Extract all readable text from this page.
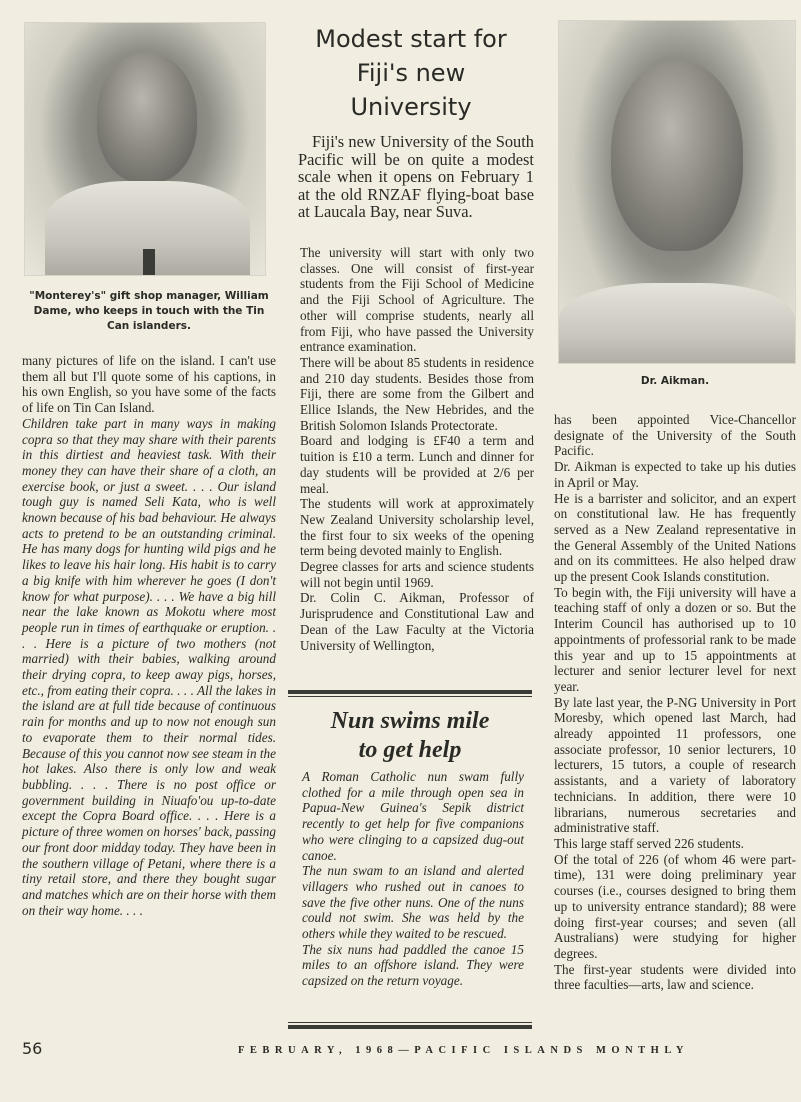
"Monterey's" gift shop manager, William Dame, who keeps in touch with the Tin Can islanders.

many pictures of life on the island. I can't use them all but I'll quote some of his captions, in his own English, so you have some of the facts of life on Tin Can Island.

Children take part in many ways in making copra so that they may share with their parents in this dirtiest and heaviest task. With their money they can have their share of a cloth, an exercise book, or just a sweet. . . . Our island tough guy is named Seli Kata, who is well known because of his bad behaviour. He always acts to pretend to be an outstanding criminal. He has many dogs for hunting wild pigs and he likes to leave his hair long. His habit is to carry a big knife with him wherever he goes (I don't know for what purpose). . . . We have a big hill near the lake known as Mokotu where most people run in times of earthquake or eruption. . . . Here is a picture of two mothers (not married) with their babies, walking around their drying copra, to keep away pigs, horses, etc., from eating their copra. . . . All the lakes in the island are at full tide because of continuous rain for months and up to now not enough sun to evaporate them to their normal tides. Because of this you cannot now see steam in the hot lakes. Also there is only low and weak bubbling. . . . There is no post office or government building in Niuafo'ou up-to-date except the Copra Board office. . . . Here is a picture of three women on horses' back, passing our front door midday today. They have been in the southern village of Petani, where there is a tiny retail store, and there they bought sugar and matches which are on their horse with them on their way home. . . .

Modest start for
Fiji's new
University

Fiji's new University of the South Pacific will be on quite a modest scale when it opens on February 1 at the old RNZAF flying-boat base at Laucala Bay, near Suva.

The university will start with only two classes. One will consist of first-year students from the Fiji School of Medicine and the Fiji School of Agriculture. The other will comprise students, nearly all from Fiji, who have passed the University entrance examination.

There will be about 85 students in residence and 210 day students. Besides those from Fiji, there are some from the Gilbert and Ellice Islands, the New Hebrides, and the British Solomon Islands Protectorate.

Board and lodging is £F40 a term and tuition is £10 a term. Lunch and dinner for day students will be provided at 2/6 per meal.

The students will work at approximately New Zealand University scholarship level, the first four to six weeks of the opening term being devoted mainly to English.

Degree classes for arts and science students will not begin until 1969.

Dr. Colin C. Aikman, Professor of Jurisprudence and Constitutional Law and Dean of the Law Faculty at the Victoria University of Wellington,

Nun swims mile
to get help

A Roman Catholic nun swam fully clothed for a mile through open sea in Papua-New Guinea's Sepik district recently to get help for five companions who were clinging to a capsized dug-out canoe.

The nun swam to an island and alerted villagers who rushed out in canoes to save the five other nuns. One of the nuns could not swim. She was held by the others while they waited to be rescued.

The six nuns had paddled the canoe 15 miles to an offshore island. They were capsized on the return voyage.

Dr. Aikman.

has been appointed Vice-Chancellor designate of the University of the South Pacific.

Dr. Aikman is expected to take up his duties in April or May.

He is a barrister and solicitor, and an expert on constitutional law. He has frequently served as a New Zealand representative in the General Assembly of the United Nations and on its committees. He also helped draw up the present Cook Islands constitution.

To begin with, the Fiji university will have a teaching staff of only a dozen or so. But the Interim Council has authorised up to 10 appointments of professorial rank to be made this year and up to 15 appointments at lecturer and senior lecturer level for next year.

By late last year, the P-NG University in Port Moresby, which opened last March, had already appointed 11 professors, one associate professor, 10 senior lecturers, 10 lecturers, 15 tutors, a couple of research assistants, and a variety of laboratory technicians. In addition, there were 10 librarians, numerous secretaries and administrative staff.

This large staff served 226 students.

Of the total of 226 (of whom 46 were part-time), 131 were doing preliminary year courses (i.e., courses designed to bring them up to university entrance standard); 88 were doing first-year courses; and seven (all Australians) were studying for higher degrees.

The first-year students were divided into three faculties—arts, law and science.

56	FEBRUARY, 1968—PACIFIC ISLANDS MONTHLY
